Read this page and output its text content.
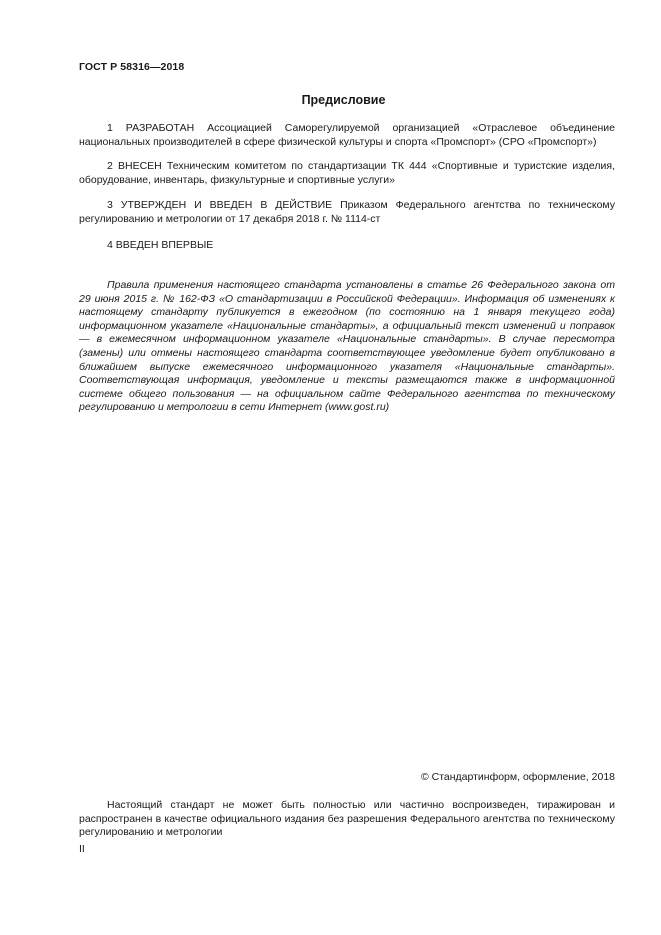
ГОСТ Р 58316—2018
Предисловие
1 РАЗРАБОТАН Ассоциацией Саморегулируемой организацией «Отраслевое объединение национальных производителей в сфере физической культуры и спорта «Промспорт» (СРО «Промспорт»)
2 ВНЕСЕН Техническим комитетом по стандартизации ТК 444 «Спортивные и туристские изделия, оборудование, инвентарь, физкультурные и спортивные услуги»
3 УТВЕРЖДЕН И ВВЕДЕН В ДЕЙСТВИЕ Приказом Федерального агентства по техническому регулированию и метрологии от 17 декабря 2018 г. № 1114-ст
4 ВВЕДЕН ВПЕРВЫЕ
Правила применения настоящего стандарта установлены в статье 26 Федерального закона от 29 июня 2015 г. № 162-ФЗ «О стандартизации в Российской Федерации». Информация об изменениях к настоящему стандарту публикуется в ежегодном (по состоянию на 1 января текущего года) информационном указателе «Национальные стандарты», а официальный текст изменений и поправок — в ежемесячном информационном указателе «Национальные стандарты». В случае пересмотра (замены) или отмены настоящего стандарта соответствующее уведомление будет опубликовано в ближайшем выпуске ежемесячного информационного указателя «Национальные стандарты». Соответствующая информация, уведомление и тексты размещаются также в информационной системе общего пользования — на официальном сайте Федерального агентства по техническому регулированию и метрологии в сети Интернет (www.gost.ru)
© Стандартинформ, оформление, 2018
Настоящий стандарт не может быть полностью или частично воспроизведен, тиражирован и распространен в качестве официального издания без разрешения Федерального агентства по техническому регулированию и метрологии
II
